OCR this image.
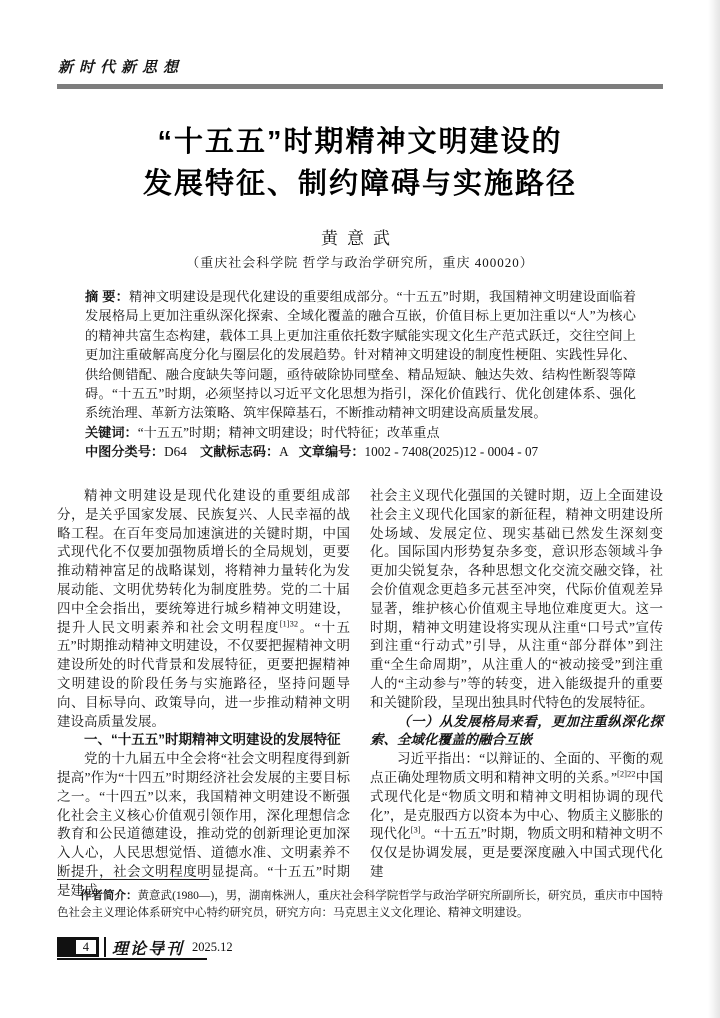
新时代新思想
“十五五”时期精神文明建设的
发展特征、制约障碍与实施路径
黄意武
（重庆社会科学院 哲学与政治学研究所，重庆 400020）

摘 要：精神文明建设是现代化建设的重要组成部分。“十五五”时期，我国精神文明建设面临着发展格局上更加注重纵深化探索、全域化覆盖的融合互嵌，价值目标上更加注重以“人”为核心的精神共富生态构建，载体工具上更加注重依托数字赋能实现文化生产范式跃迁，交往空间上更加注重破解高度分化与圈层化的发展趋势。针对精神文明建设的制度性梗阻、实践性异化、供给侧错配、融合度缺失等问题，亟待破除协同壁垒、精品短缺、触达失效、结构性断裂等障碍。“十五五”时期，必须坚持以习近平文化思想为指引，深化价值践行、优化创建体系、强化系统治理、革新方法策略、筑牢保障基石，不断推动精神文明建设高质量发展。

关键词：“十五五”时期；精神文明建设；时代特征；改革重点

中图分类号：D64 文献标志码：A 文章编号：1002 - 7408(2025)12 - 0004 - 07

精神文明建设是现代化建设的重要组成部分，是关乎国家发展、民族复兴、人民幸福的战略工程。在百年变局加速演进的关键时期，中国式现代化不仅要加强物质增长的全局规划，更要推动精神富足的战略谋划，将精神力量转化为发展动能、文明优势转化为制度胜势。党的二十届四中全会指出，要统筹进行城乡精神文明建设，提升人民文明素养和社会文明程度$^{[1]32}$。“十五五”时期推动精神文明建设，不仅要把握精神文明建设所处的时代背景和发展特征，更要把握精神文明建设的阶段任务与实施路径，坚持问题导向、目标导向、政策导向，进一步推动精神文明建设高质量发展。

一、“十五五”时期精神文明建设的发展特征

党的十九届五中全会将“社会文明程度得到新提高”作为“十四五”时期经济社会发展的主要目标之一。“十四五”以来，我国精神文明建设不断强化社会主义核心价值观引领作用，深化理想信念教育和公民道德建设，推动党的创新理论更加深入人心，人民思想觉悟、道德水准、文明素养不断提升，社会文明程度明显提高。“十五五”时期是建成

社会主义现代化强国的关键时期，迈上全面建设社会主义现代化国家的新征程，精神文明建设所处场域、发展定位、现实基础已然发生深刻变化。国际国内形势复杂多变，意识形态领域斗争更加尖锐复杂，各种思想文化交流交融交锋，社会价值观念更趋多元甚至冲突，代际价值观差异显著，维护核心价值观主导地位难度更大。这一时期，精神文明建设将实现从注重“口号式”宣传到注重“行动式”引导，从注重“部分群体”到注重“全生命周期”，从注重人的“被动接受”到注重人的“主动参与”等的转变，进入能级提升的重要和关键阶段，呈现出独具时代特色的发展特征。

（一）从发展格局来看，更加注重纵深化探索、全域化覆盖的融合互嵌

习近平指出：“以辩证的、全面的、平衡的观点正确处理物质文明和精神文明的关系。”$^{[2]22}$中国式现代化是“物质文明和精神文明相协调的现代化”，是克服西方以资本为中心、物质主义膨胀的现代化[3]。“十五五”时期，物质文明和精神文明不仅仅是协调发展，更是要深度融入中国式现代化建

作者简介：黄意武(1980—)，男，湖南株洲人，重庆社会科学院哲学与政治学研究所副所长，研究员，重庆市中国特色社会主义理论体系研究中心特约研究员，研究方向：马克思主义文化理论、精神文明建设。
4	理论导刊 2025.12
